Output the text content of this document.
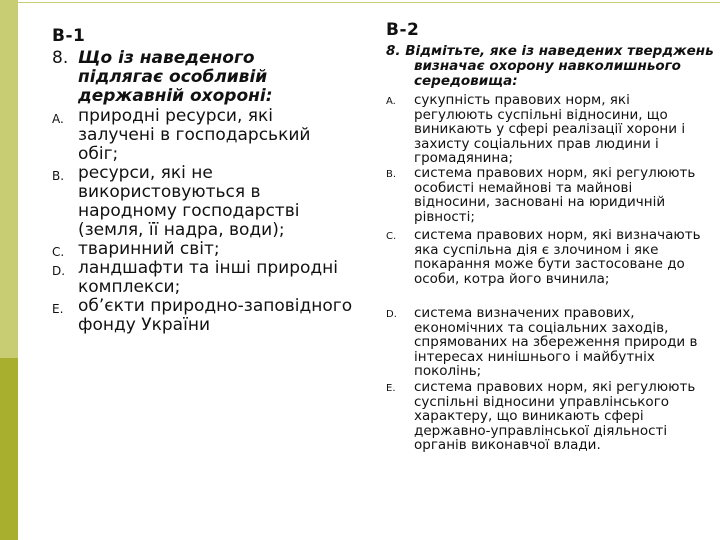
В-1
8. Що із наведеного підлягає особливій державній охороні:
A. природні ресурси, які залучені в господарський обіг;
B. ресурси, які не використовуються в народному господарстві (земля, її надра, води);
C. тваринний світ;
D. ландшафти та інші природні комплекси;
E. об’єкти природно-заповідного фонду України
В-2
8. Відмітьте, яке із наведених тверджень визначає охорону навколишнього середовища:
A. сукупність правових норм, які регулюють суспільні відносини, що виникають у сфері реалізації хорони і захисту соціальних прав людини і громадянина;
B. система правових норм, які регулюють особисті немайнові та майнові відносини, засновані на юридичній рівності;
C. система правових норм, які визначають яка суспільна дія є злочином і яке покарання може бути застосоване до особи, котра його вчинила;
D. система визначених правових, економічних та соціальних заходів, спрямованих на збереження природи в інтересах нинішнього і майбутніх поколінь;
E. система правових норм, які регулюють суспільні відносини управлінського характеру, що виникають сфері державно-управлінської діяльності органів виконавчої влади.
